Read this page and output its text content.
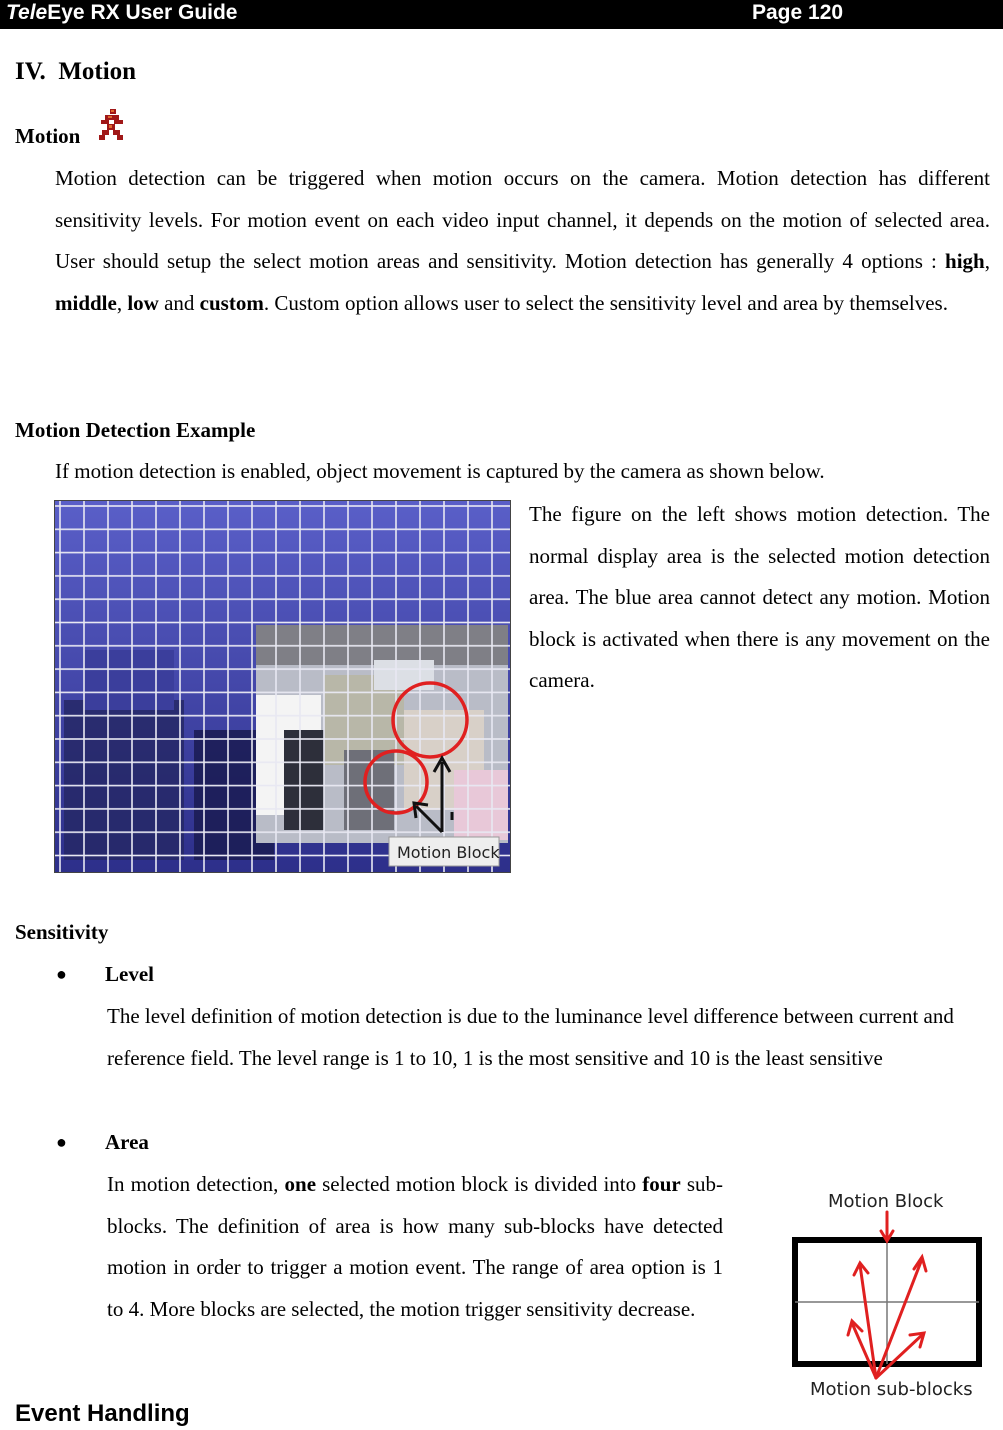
TeleEye RX User Guide	Page 120
IV. Motion
Motion
Motion detection can be triggered when motion occurs on the camera. Motion detection has different sensitivity levels. For motion event on each video input channel, it depends on the motion of selected area. User should setup the select motion areas and sensitivity. Motion detection has generally 4 options : high, middle, low and custom. Custom option allows user to select the sensitivity level and area by themselves.
Motion Detection Example
If motion detection is enabled, object movement is captured by the camera as shown below.
Motion Block
The figure on the left shows motion detection. The normal display area is the selected motion detection area. The blue area cannot detect any motion. Motion block is activated when there is any movement on the camera.
Sensitivity
● Level
The level definition of motion detection is due to the luminance level difference between current and reference field. The level range is 1 to 10, 1 is the most sensitive and 10 is the least sensitive
● Area
In motion detection, one selected motion block is divided into four sub-blocks. The definition of area is how many sub-blocks have detected motion in order to trigger a motion event. The range of area option is 1 to 4. More blocks are selected, the motion trigger sensitivity decrease.
Motion Block
Motion sub-blocks
Event Handling
